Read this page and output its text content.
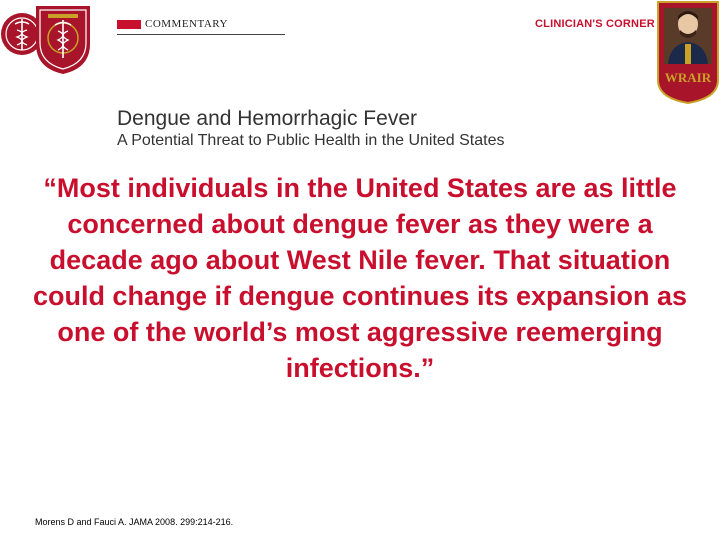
COMMENTARY	CLINICIAN'S CORNER
WRAIR
Dengue and Hemorrhagic Fever
A Potential Threat to Public Health in the United States

“Most individuals in the United States are as little concerned about dengue fever as they were a decade ago about West Nile fever. That situation could change if dengue continues its expansion as one of the world’s most aggressive reemerging infections.”

Morens D and Fauci A. JAMA 2008. 299:214-216.
